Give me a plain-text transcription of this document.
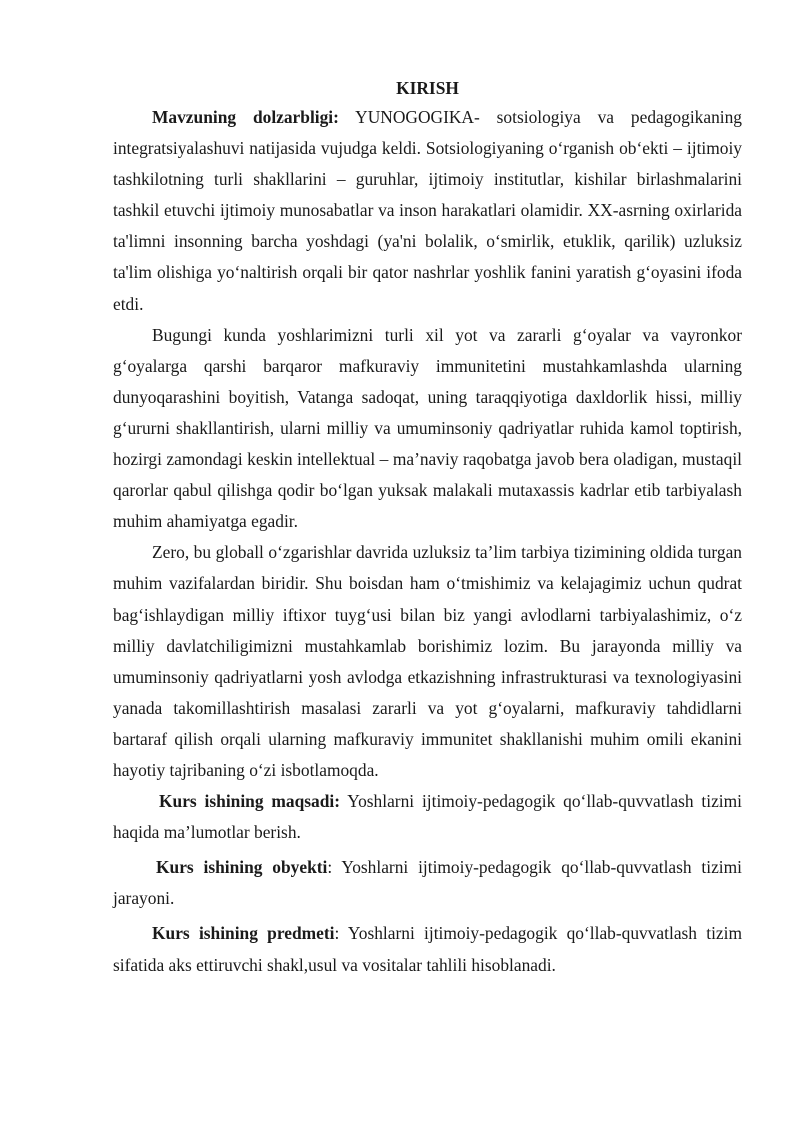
KIRISH

Mavzuning dolzarbligi: YUNOGOGIKA- sotsiologiya va pedagogikaning integratsiyalashuvi natijasida vujudga keldi. Sotsiologiyaning oʻrganish obʻekti – ijtimoiy tashkilotning turli shakllarini – guruhlar, ijtimoiy institutlar, kishilar birlashmalarini tashkil etuvchi ijtimoiy munosabatlar va inson harakatlari olamidir. XX-asrning oxirlarida ta'limni insonning barcha yoshdagi (ya'ni bolalik, oʻsmirlik, etuklik, qarilik) uzluksiz ta'lim olishiga yoʻnaltirish orqali bir qator nashrlar yoshlik fanini yaratish gʻoyasini ifoda etdi.

Bugungi kunda yoshlarimizni turli xil yot va zararli gʻoyalar va vayronkor gʻoyalarga qarshi barqaror mafkuraviy immunitetini mustahkamlashda ularning dunyoqarashini boyitish, Vatanga sadoqat, uning taraqqiyotiga daxldorlik hissi, milliy gʻururni shakllantirish, ularni milliy va umuminsoniy qadriyatlar ruhida kamol toptirish, hozirgi zamondagi keskin intellektual – ma’naviy raqobatga javob bera oladigan, mustaqil qarorlar qabul qilishga qodir boʻlgan yuksak malakali mutaxassis kadrlar etib tarbiyalash muhim ahamiyatga egadir.

Zero, bu globall oʻzgarishlar davrida uzluksiz ta’lim tarbiya tizimining oldida turgan muhim vazifalardan biridir. Shu boisdan ham oʻtmishimiz va kelajagimiz uchun qudrat bagʻishlaydigan milliy iftixor tuygʻusi bilan biz yangi avlodlarni tarbiyalashimiz, oʻz milliy davlatchiligimizni mustahkamlab borishimiz lozim. Bu jarayonda milliy va umuminsoniy qadriyatlarni yosh avlodga etkazishning infrastrukturasi va texnologiyasini yanada takomillashtirish masalasi zararli va yot gʻoyalarni, mafkuraviy tahdidlarni bartaraf qilish orqali ularning mafkuraviy immunitet shakllanishi muhim omili ekanini hayotiy tajribaning oʻzi isbotlamoqda.

Kurs ishining maqsadi: Yoshlarni ijtimoiy-pedagogik qoʻllab-quvvatlash tizimi haqida ma’lumotlar berish.

Kurs ishining obyekti: Yoshlarni ijtimoiy-pedagogik qoʻllab-quvvatlash tizimi jarayoni.

Kurs ishining predmeti: Yoshlarni ijtimoiy-pedagogik qoʻllab-quvvatlash tizim sifatida aks ettiruvchi shakl,usul va vositalar tahlili hisoblanadi.
